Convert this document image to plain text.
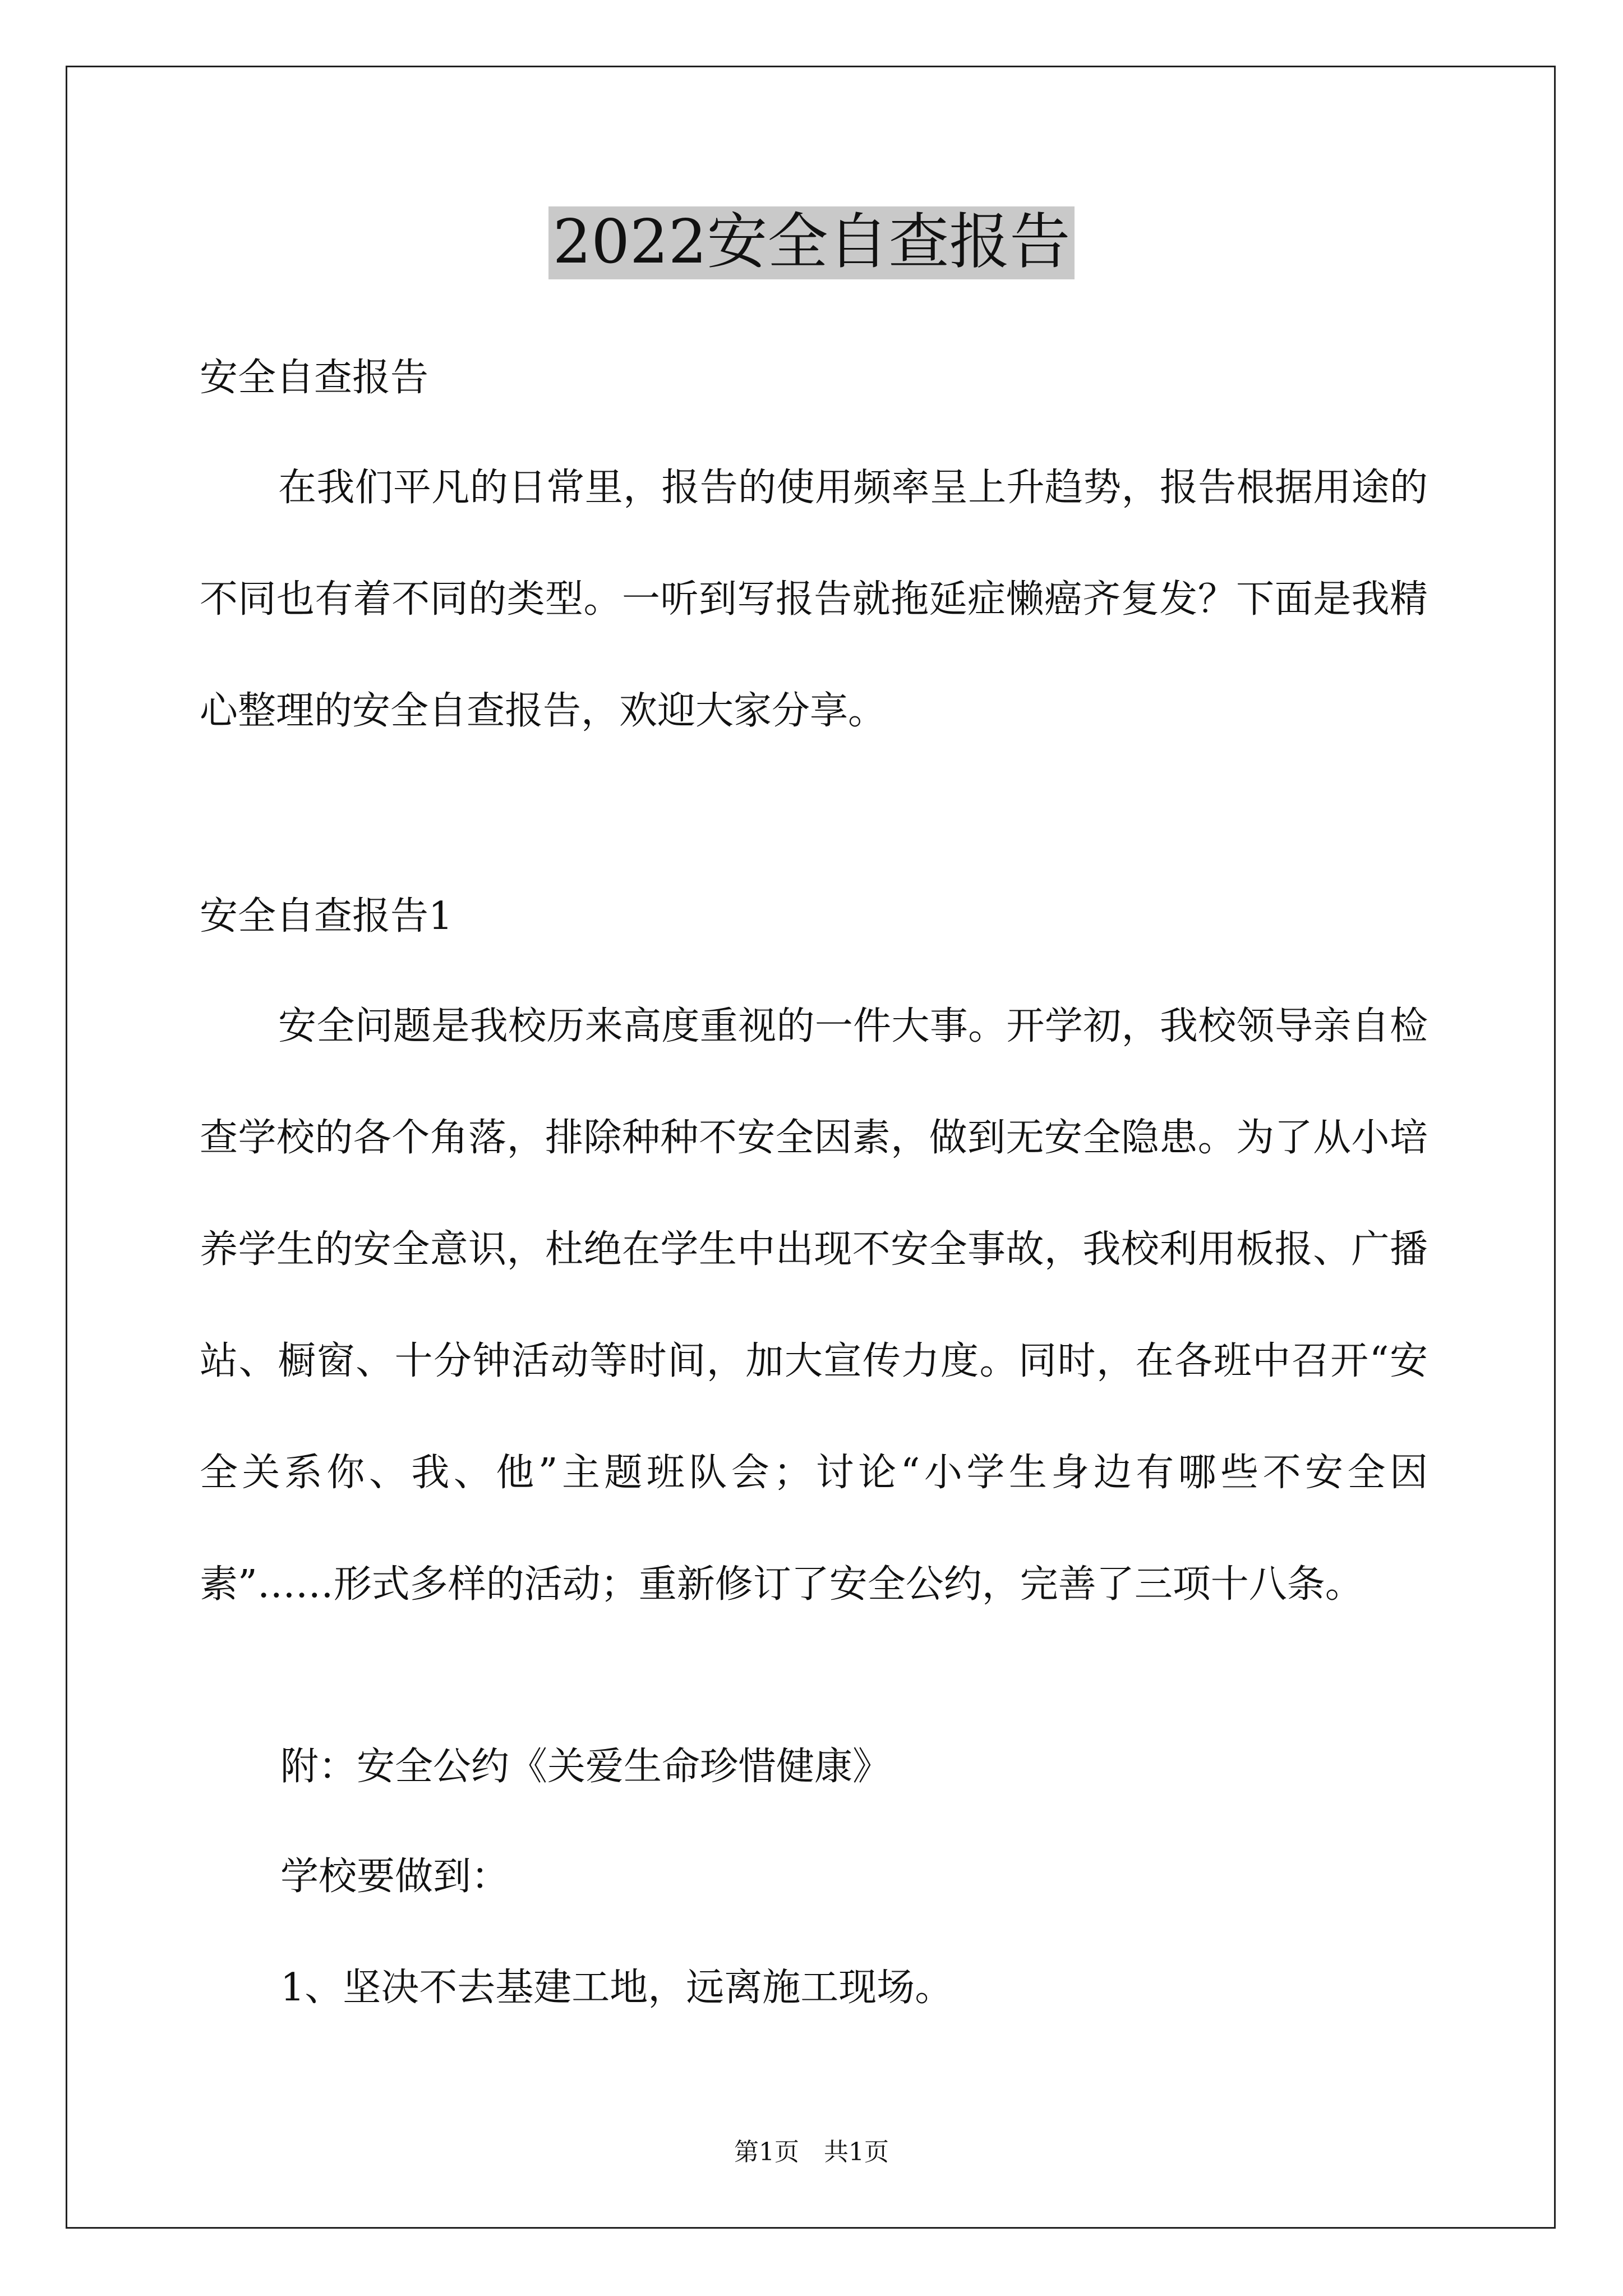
2022安全自查报告
安全自查报告
在我们平凡的日常里，报告的使用频率呈上升趋势，报告根据用途的不同也有着不同的类型。一听到写报告就拖延症懒癌齐复发？下面是我精心整理的安全自查报告，欢迎大家分享。
安全自查报告1
安全问题是我校历来高度重视的一件大事。开学初，我校领导亲自检查学校的各个角落，排除种种不安全因素，做到无安全隐患。为了从小培养学生的安全意识，杜绝在学生中出现不安全事故，我校利用板报、广播站、橱窗、十分钟活动等时间，加大宣传力度。同时，在各班中召开“安全关系你、我、他”主题班队会；讨论“小学生身边有哪些不安全因素”……形式多样的活动；重新修订了安全公约，完善了三项十八条。
附：安全公约《关爱生命珍惜健康》
学校要做到：
1、坚决不去基建工地，远离施工现场。
第1页 共1页
